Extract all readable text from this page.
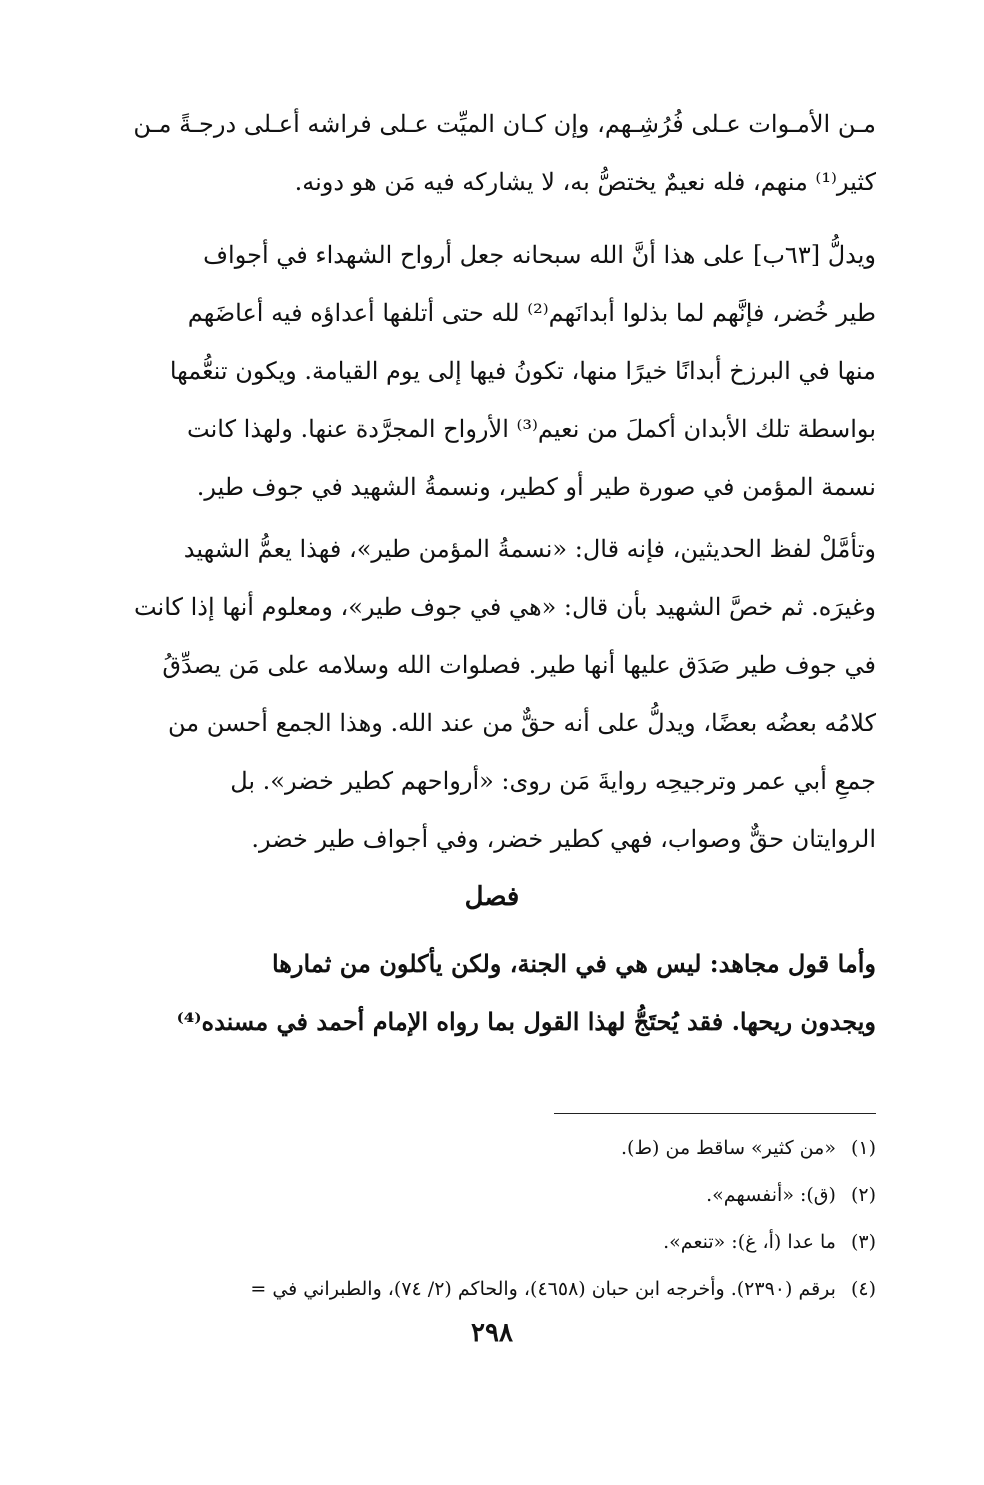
مـن الأمـوات عـلى فُرُشِـهم، وإن كـان الميِّت عـلى فراشه أعـلى درجـةً مـن
كثير⁽¹⁾ منهم، فله نعيمٌ يختصُّ به، لا يشاركه فيه مَن هو دونه.
ويدلُّ [٦٣ب] على هذا أنَّ الله سبحانه جعل أرواح الشهداء في أجواف
طير خُضر، فإنَّهم لما بذلوا أبدانَهم⁽²⁾ لله حتى أتلفها أعداؤه فيه أعاضَهم
منها في البرزخ أبدانًا خيرًا منها، تكونُ فيها إلى يوم القيامة. ويكون تنعُّمها
بواسطة تلك الأبدان أكملَ من نعيم⁽³⁾ الأرواح المجرَّدة عنها. ولهذا كانت
نسمة المؤمن في صورة طير أو كطير، ونسمةُ الشهيد في جوف طير.
وتأمَّلْ لفظ الحديثين، فإنه قال: «نسمةُ المؤمن طير»، فهذا يعمُّ الشهيد
وغيرَه. ثم خصَّ الشهيد بأن قال: «هي في جوف طير»، ومعلوم أنها إذا كانت
في جوف طير صَدَق عليها أنها طير. فصلوات الله وسلامه على مَن يصدِّقُ
كلامُه بعضُه بعضًا، ويدلُّ على أنه حقٌّ من عند الله. وهذا الجمع أحسن من
جمعِ أبي عمر وترجيحِه روايةَ مَن روى: «أرواحهم كطير خضر». بل
الروايتان حقٌّ وصواب، فهي كطير خضر، وفي أجواف طير خضر.
فصل
وأما قول مجاهد: ليس هي في الجنة، ولكن يأكلون من ثمارها
ويجدون ريحها. فقد يُحتَجُّ لهذا القول بما رواه الإمام أحمد في مسنده⁽⁴⁾
(١) «من كثير» ساقط من (ط).
(٢) (ق): «أنفسهم».
(٣) ما عدا (أ، غ): «تنعم».
(٤) برقم (٢٣٩٠). وأخرجه ابن حبان (٤٦٥٨)، والحاكم (٢/ ٧٤)، والطبراني في =
٢٩٨
